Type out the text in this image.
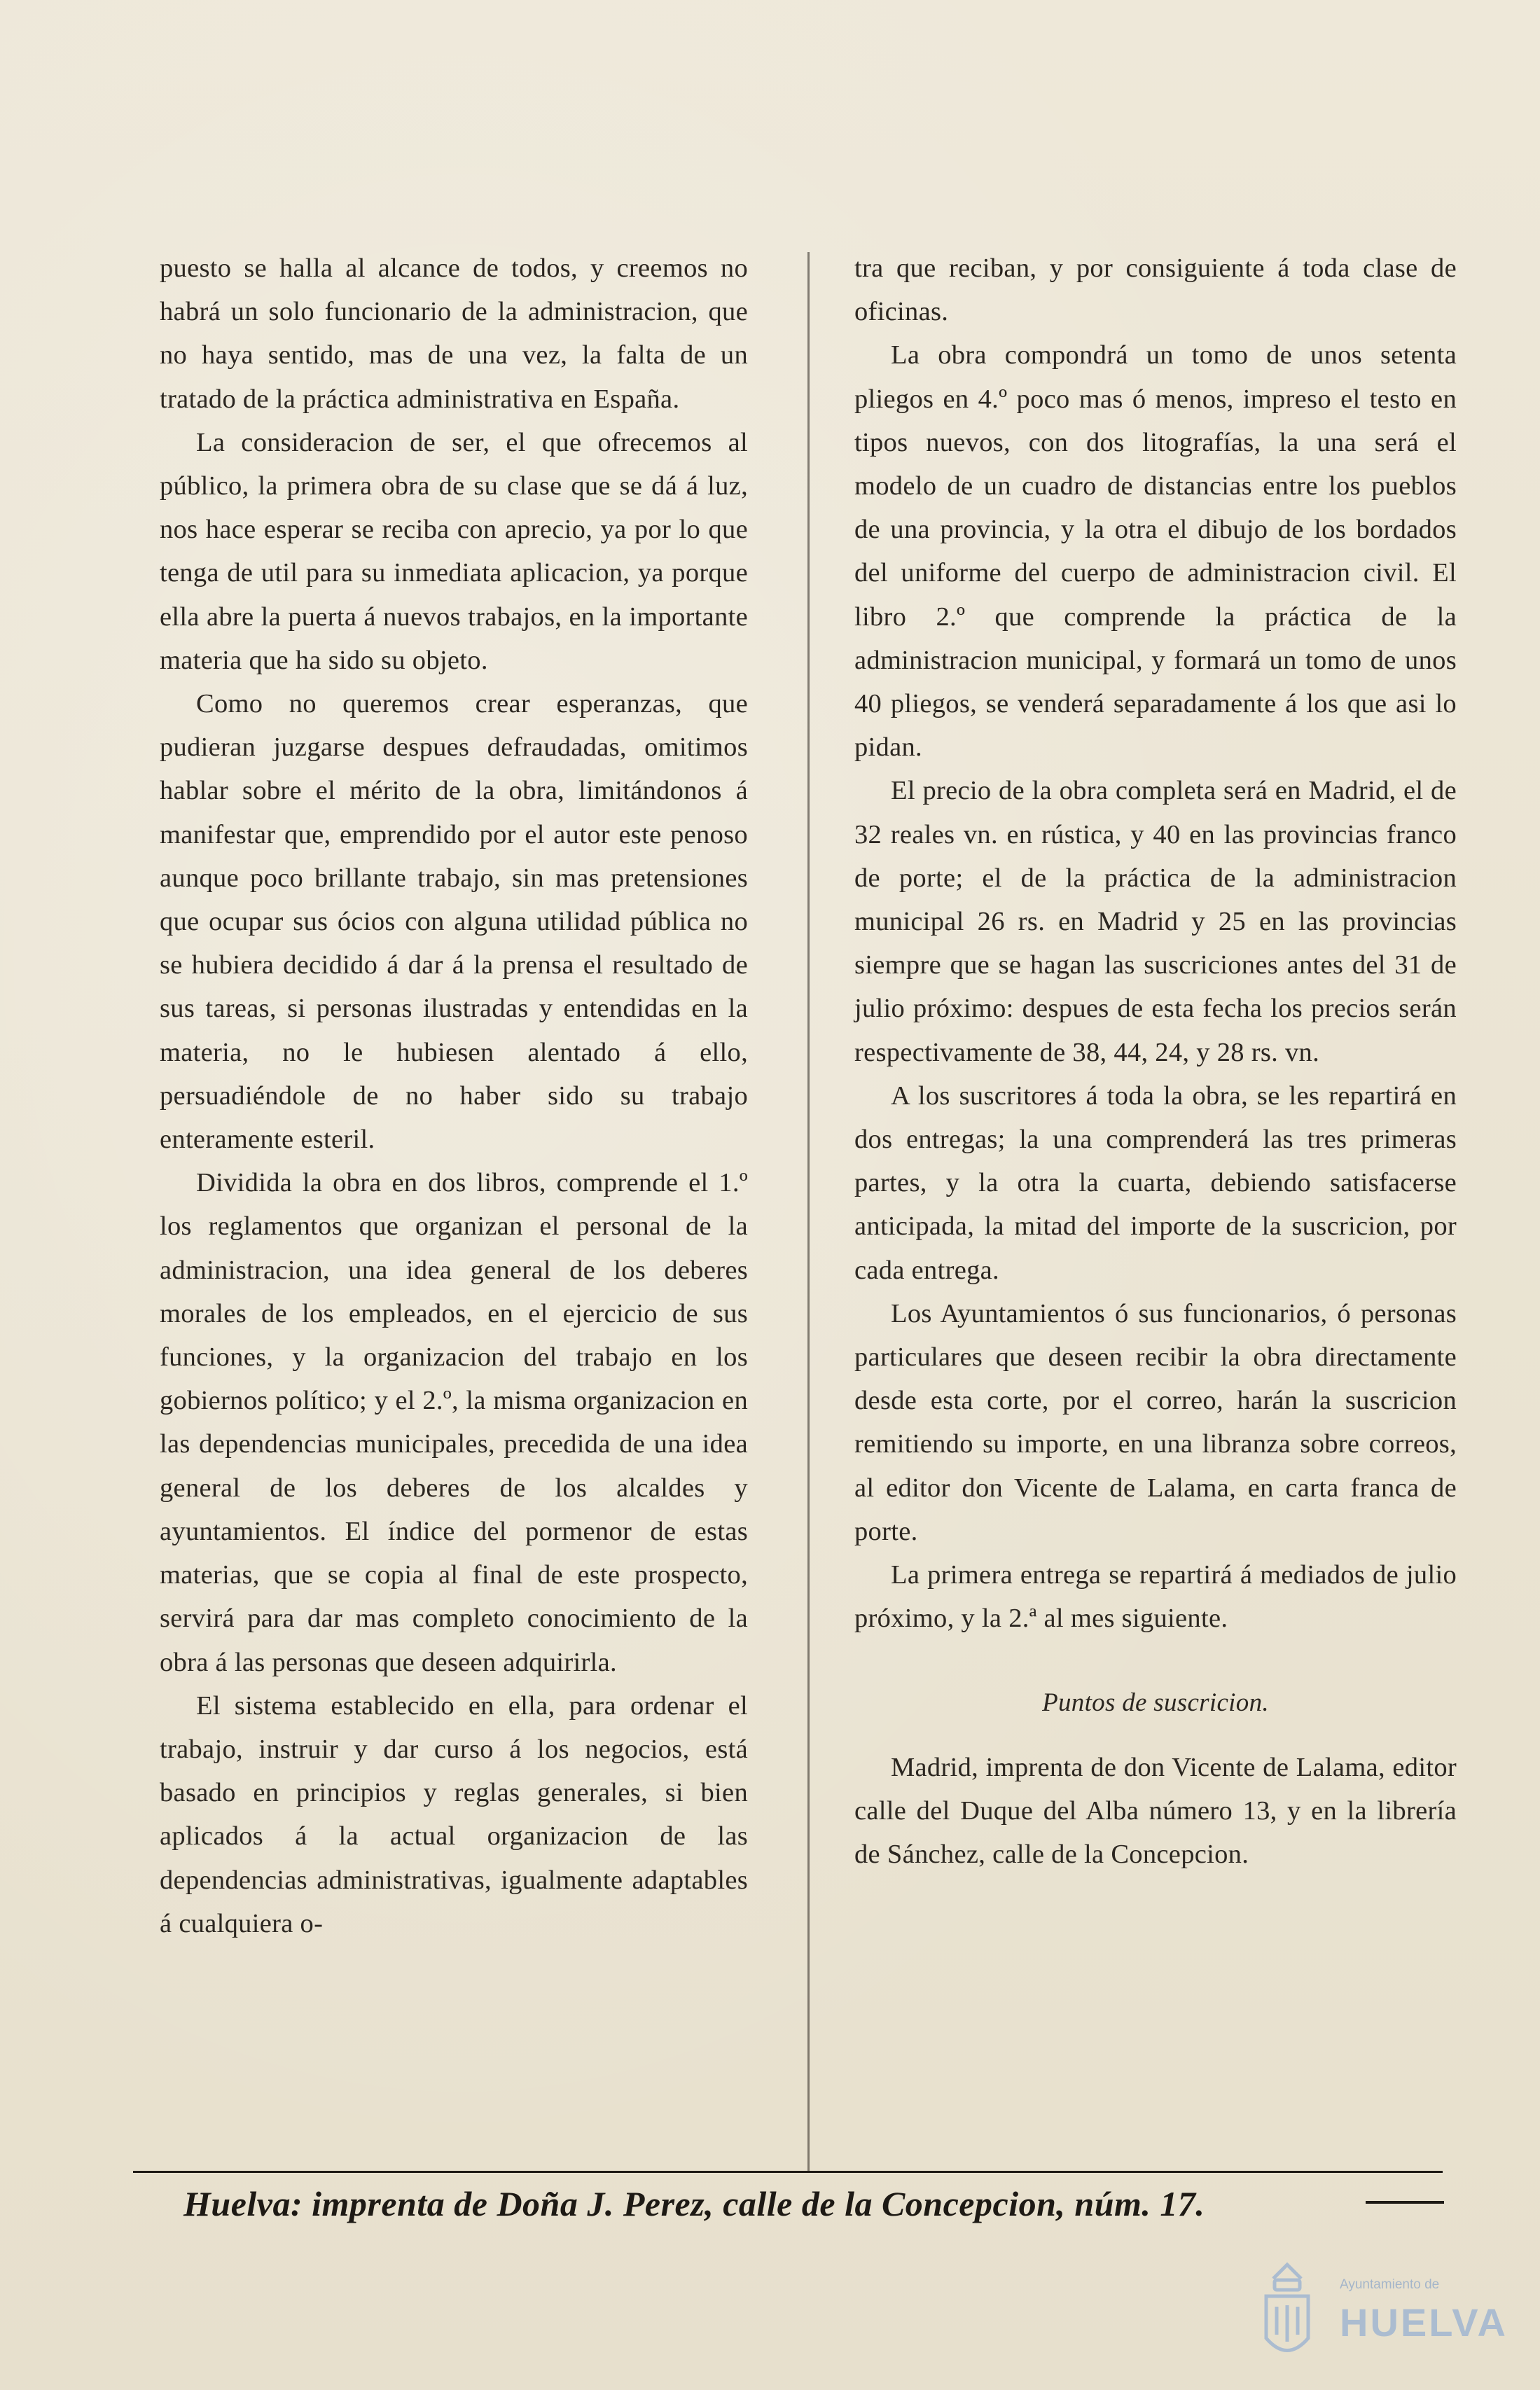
puesto se halla al alcance de todos, y creemos no habrá un solo funcionario de la administracion, que no haya sentido, mas de una vez, la falta de un tratado de la práctica administrativa en España.

La consideracion de ser, el que ofrecemos al público, la primera obra de su clase que se dá á luz, nos hace esperar se reciba con aprecio, ya por lo que tenga de util para su inmediata aplicacion, ya porque ella abre la puerta á nuevos trabajos, en la importante materia que ha sido su objeto.

Como no queremos crear esperanzas, que pudieran juzgarse despues defraudadas, omitimos hablar sobre el mérito de la obra, limitándonos á manifestar que, emprendido por el autor este penoso aunque poco brillante trabajo, sin mas pretensiones que ocupar sus ócios con alguna utilidad pública no se hubiera decidido á dar á la prensa el resultado de sus tareas, si personas ilustradas y entendidas en la materia, no le hubiesen alentado á ello, persuadiéndole de no haber sido su trabajo enteramente esteril.

Dividida la obra en dos libros, comprende el 1.º los reglamentos que organizan el personal de la administracion, una idea general de los deberes morales de los empleados, en el ejercicio de sus funciones, y la organizacion del trabajo en los gobiernos político; y el 2.º, la misma organizacion en las dependencias municipales, precedida de una idea general de los deberes de los alcaldes y ayuntamientos. El índice del pormenor de estas materias, que se copia al final de este prospecto, servirá para dar mas completo conocimiento de la obra á las personas que deseen adquirirla.

El sistema establecido en ella, para ordenar el trabajo, instruir y dar curso á los negocios, está basado en principios y reglas generales, si bien aplicados á la actual organizacion de las dependencias administrativas, igualmente adaptables á cualquiera o-

tra que reciban, y por consiguiente á toda clase de oficinas.

La obra compondrá un tomo de unos setenta pliegos en 4.º poco mas ó menos, impreso el testo en tipos nuevos, con dos litografías, la una será el modelo de un cuadro de distancias entre los pueblos de una provincia, y la otra el dibujo de los bordados del uniforme del cuerpo de administracion civil. El libro 2.º que comprende la práctica de la administracion municipal, y formará un tomo de unos 40 pliegos, se venderá separadamente á los que asi lo pidan.

El precio de la obra completa será en Madrid, el de 32 reales vn. en rústica, y 40 en las provincias franco de porte; el de la práctica de la administracion municipal 26 rs. en Madrid y 25 en las provincias siempre que se hagan las suscriciones antes del 31 de julio próximo: despues de esta fecha los precios serán respectivamente de 38, 44, 24, y 28 rs. vn.

A los suscritores á toda la obra, se les repartirá en dos entregas; la una comprenderá las tres primeras partes, y la otra la cuarta, debiendo satisfacerse anticipada, la mitad del importe de la suscricion, por cada entrega.

Los Ayuntamientos ó sus funcionarios, ó personas particulares que deseen recibir la obra directamente desde esta corte, por el correo, harán la suscricion remitiendo su importe, en una libranza sobre correos, al editor don Vicente de Lalama, en carta franca de porte.

La primera entrega se repartirá á mediados de julio próximo, y la 2.ª al mes siguiente.

Puntos de suscricion.

Madrid, imprenta de don Vicente de Lalama, editor calle del Duque del Alba número 13, y en la librería de Sánchez, calle de la Concepcion.

Huelva: imprenta de Doña J. Perez, calle de la Concepcion, núm. 17.
Ayuntamiento de
HUELVA
